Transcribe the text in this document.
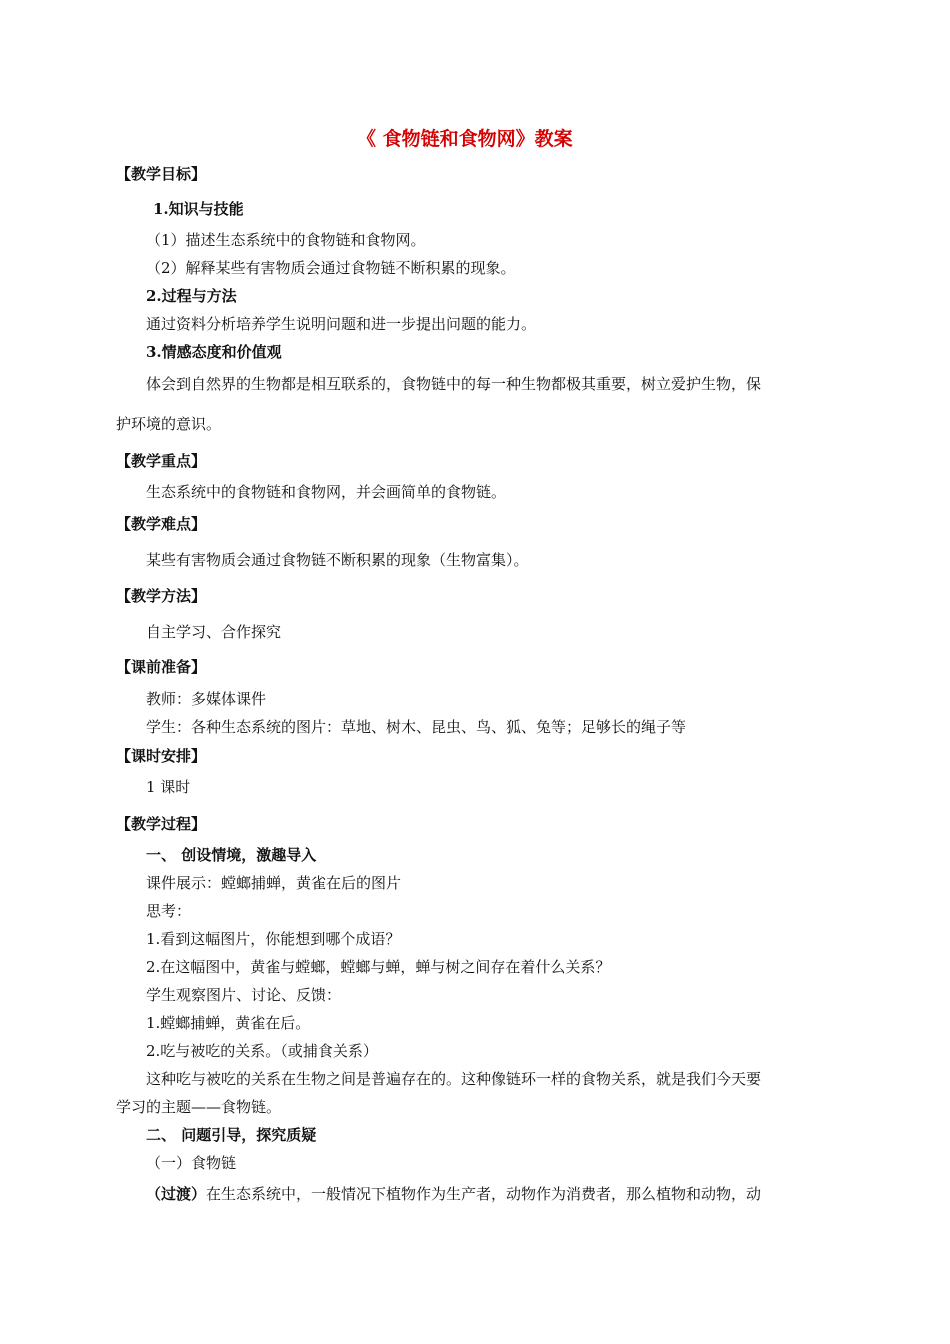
《 食物链和食物网》教案
【教学目标】
1.知识与技能
（1）描述生态系统中的食物链和食物网。
（2）解释某些有害物质会通过食物链不断积累的现象。
2.过程与方法
通过资料分析培养学生说明问题和进一步提出问题的能力。
3.情感态度和价值观
体会到自然界的生物都是相互联系的，食物链中的每一种生物都极其重要，树立爱护生物，保
护环境的意识。
【教学重点】
生态系统中的食物链和食物网，并会画简单的食物链。
【教学难点】
某些有害物质会通过食物链不断积累的现象（生物富集）。
【教学方法】
自主学习、合作探究
【课前准备】
教师：多媒体课件
学生：各种生态系统的图片：草地、树木、昆虫、鸟、狐、兔等；足够长的绳子等
【课时安排】
1 课时
【教学过程】
一、 创设情境，激趣导入
课件展示：螳螂捕蝉，黄雀在后的图片
思考：
1.看到这幅图片，你能想到哪个成语？
2.在这幅图中，黄雀与螳螂，螳螂与蝉，蝉与树之间存在着什么关系？
学生观察图片、讨论、反馈：
1.螳螂捕蝉，黄雀在后。
2.吃与被吃的关系。（或捕食关系）
这种吃与被吃的关系在生物之间是普遍存在的。这种像链环一样的食物关系，就是我们今天要
学习的主题——食物链。
二、 问题引导，探究质疑
（一）食物链
（过渡）在生态系统中，一般情况下植物作为生产者，动物作为消费者，那么植物和动物，动
